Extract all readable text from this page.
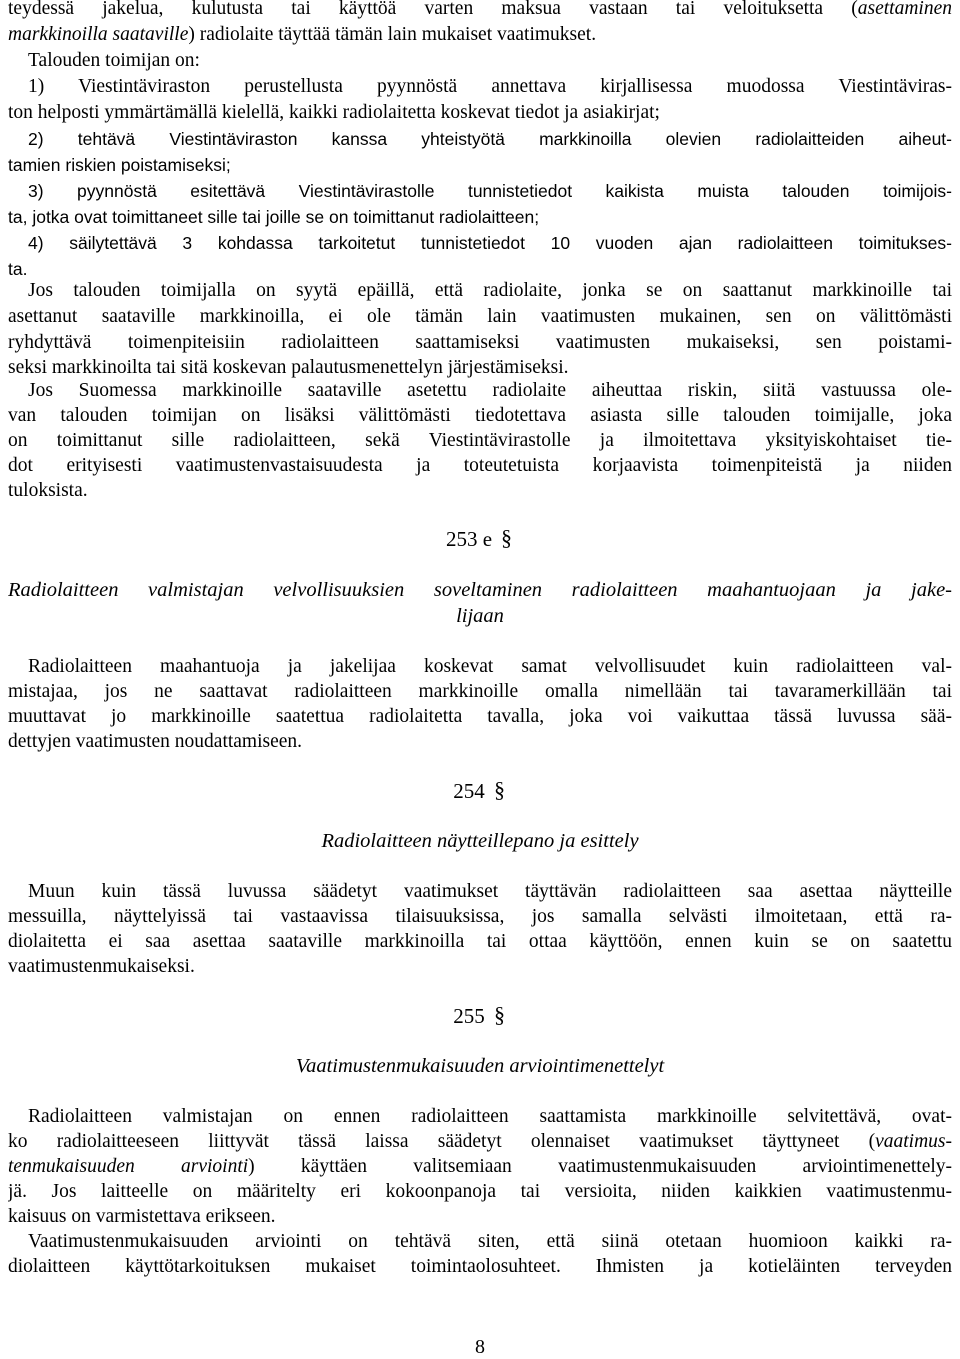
teydessä jakelua, kulutusta tai käyttöä varten maksua vastaan tai veloituksetta (asettaminen
markkinoilla saataville) radiolaite täyttää tämän lain mukaiset vaatimukset.
Talouden toimijan on:
1) Viestintäviraston perustellusta pyynnöstä annettava kirjallisessa muodossa Viestintäviras-
ton helposti ymmärtämällä kielellä, kaikki radiolaitetta koskevat tiedot ja asiakirjat;
2) tehtävä Viestintäviraston kanssa yhteistyötä markkinoilla olevien radiolaitteiden aiheut-
tamien riskien poistamiseksi;
3) pyynnöstä esitettävä Viestintävirastolle tunnistetiedot kaikista muista talouden toimijois-
ta, jotka ovat toimittaneet sille tai joille se on toimittanut radiolaitteen;
4) säilytettävä 3 kohdassa tarkoitetut tunnistetiedot 10 vuoden ajan radiolaitteen toimitukses-
ta.
Jos talouden toimijalla on syytä epäillä, että radiolaite, jonka se on saattanut markkinoille tai
asettanut saataville markkinoilla, ei ole tämän lain vaatimusten mukainen, sen on välittömästi
ryhdyttävä toimenpiteisiin radiolaitteen saattamiseksi vaatimusten mukaiseksi, sen poistami-
seksi markkinoilta tai sitä koskevan palautusmenettelyn järjestämiseksi.
Jos Suomessa markkinoille saataville asetettu radiolaite aiheuttaa riskin, siitä vastuussa ole-
van talouden toimijan on lisäksi välittömästi tiedotettava asiasta sille talouden toimijalle, joka
on toimittanut sille radiolaitteen, sekä Viestintävirastolle ja ilmoitettava yksityiskohtaiset tie-
dot erityisesti vaatimustenvastaisuudesta ja toteutetuista korjaavista toimenpiteistä ja niiden
tuloksista.
253 e §
Radiolaitteen valmistajan velvollisuuksien soveltaminen radiolaitteen maahantuojaan ja jake-
lijaan
Radiolaitteen maahantuoja ja jakelijaa koskevat samat velvollisuudet kuin radiolaitteen val-
mistajaa, jos ne saattavat radiolaitteen markkinoille omalla nimellään tai tavaramerkillään tai
muuttavat jo markkinoille saatettua radiolaitetta tavalla, joka voi vaikuttaa tässä luvussa sää-
dettyjen vaatimusten noudattamiseen.
254 §
Radiolaitteen näytteillepano ja esittely
Muun kuin tässä luvussa säädetyt vaatimukset täyttävän radiolaitteen saa asettaa näytteille
messuilla, näyttelyissä tai vastaavissa tilaisuuksissa, jos samalla selvästi ilmoitetaan, että ra-
diolaitetta ei saa asettaa saataville markkinoilla tai ottaa käyttöön, ennen kuin se on saatettu
vaatimustenmukaiseksi.
255 §
Vaatimustenmukaisuuden arviointimenettelyt
Radiolaitteen valmistajan on ennen radiolaitteen saattamista markkinoille selvitettävä, ovat-
ko radiolaitteeseen liittyvät tässä laissa säädetyt olennaiset vaatimukset täyttyneet (vaatimus-
tenmukaisuuden arviointi) käyttäen valitsemiaan vaatimustenmukaisuuden arviointimenettely-
jä. Jos laitteelle on määritelty eri kokoonpanoja tai versioita, niiden kaikkien vaatimustenmu-
kaisuus on varmistettava erikseen.
Vaatimustenmukaisuuden arviointi on tehtävä siten, että siinä otetaan huomioon kaikki ra-
diolaitteen käyttötarkoituksen mukaiset toimintaolosuhteet. Ihmisten ja kotieläinten terveyden
8
